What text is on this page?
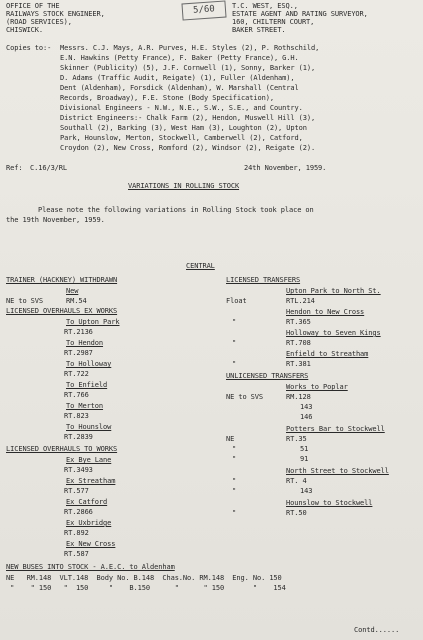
OFFICE OF THE
RAILWAYS STOCK ENGINEER,
(ROAD SERVICES),
CHISWICK.
5/60	T.C. WEST, ESQ.,
ESTATE AGENT AND RATING SURVEYOR,
160, CHILTERN COURT,
BAKER STREET.
Copies to:- Messrs. C.J. Mays, A.R. Purves, H.E. Styles (2), P. Rothschild,
E.N. Hawkins (Petty France), F. Baker (Petty France), G.H.
Skinner (Publicity) (5), J.F. Cornwell (1), Sonny, Barker (1),
D. Adams (Traffic Audit, Reigate) (1), Fuller (Aldenham),
Dent (Aldenham), Forsdick (Aldenham), W. Marshall (Central
Records, Broadway), F.E. Stone (Body Specification),
Divisional Engineers - N.W., N.E., S.W., S.E., and Country.
District Engineers:- Chalk Farm (2), Hendon, Muswell Hill (3),
Southall (2), Barking (3), West Ham (3), Loughton (2), Upton
Park, Hounslow, Merton, Stockwell, Camberwell (2), Catford,
Croydon (2), New Cross, Romford (2), Windsor (2), Reigate (2).
Ref: C.16/3/RL	24th November, 1959.
VARIATIONS IN ROLLING STOCK
Please note the following variations in Rolling Stock took place on
the 19th November, 1959.
CENTRAL
TRAINER (HACKNEY) WITHDRAWN
New
NE to SVS	RM.54
LICENSED OVERHAULS EX WORKS
To Upton Park
RT.2136
To Hendon
RT.2987
To Holloway
RT.722
To Enfield
RT.766
To Merton
RT.823
To Hounslow
RT.2839
LICENSED OVERHAULS TO WORKS
Ex Bye Lane
RT.3493
Ex Streatham
RT.577
Ex Catford
RT.2866
Ex Uxbridge
RT.892
Ex New Cross
RT.587
LICENSED TRANSFERS
Upton Park to North St.
Float	RTL.214
Hendon to New Cross
"	RT.365
Holloway to Seven Kings
"	RT.708
Enfield to Streatham
"	RT.381
UNLICENSED TRANSFERS
Works to Poplar
NE to SVS	RM.128
143
146
Potters Bar to Stockwell
NE	RT.35
"	51
"	91
North Street to Stockwell
"	RT. 4
"	143
Hounslow to Stockwell
"	RT.50
NEW BUSES INTO STOCK - A.E.C. to Aldenham
NE   RM.148  VLT.148  Body No. B.148  Chas.No. RM.148  Eng. No. 150
"    " 150   "  150     "    B.150      "      " 150       "    154
Contd......
